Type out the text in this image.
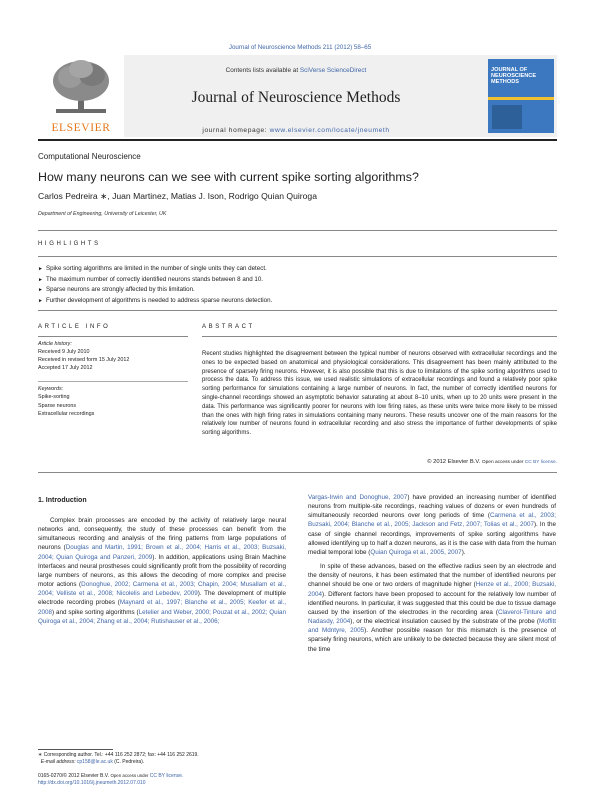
Journal of Neuroscience Methods 211 (2012) 58–65
ELSEVIER
Contents lists available at SciVerse ScienceDirect
Journal of Neuroscience Methods
journal homepage: www.elsevier.com/locate/jneumeth
JOURNAL OF NEUROSCIENCE METHODS
Computational Neuroscience
How many neurons can we see with current spike sorting algorithms?
Carlos Pedreira ∗, Juan Martinez, Matias J. Ison, Rodrigo Quian Quiroga
Department of Engineering, University of Leicester, UK
HIGHLIGHTS
► Spike sorting algorithms are limited in the number of single units they can detect.
► The maximum number of correctly identified neurons stands between 8 and 10.
► Sparse neurons are strongly affected by this limitation.
► Further development of algorithms is needed to address sparse neurons detection.
ARTICLE INFO	ABSTRACT
Article history:
Received 9 July 2010
Received in revised form 15 July 2012
Accepted 17 July 2012
Keywords:
Spike-sorting
Sparse neurons
Extracellular recordings
Recent studies highlighted the disagreement between the typical number of neurons observed with extracellular recordings and the ones to be expected based on anatomical and physiological considerations. This disagreement has been mainly attributed to the presence of sparsely firing neurons. However, it is also possible that this is due to limitations of the spike sorting algorithms used to process the data. To address this issue, we used realistic simulations of extracellular recordings and found a relatively poor spike sorting performance for simulations containing a large number of neurons. In fact, the number of correctly identified neurons for single-channel recordings showed an asymptotic behavior saturating at about 8–10 units, when up to 20 units were present in the data. This performance was significantly poorer for neurons with low firing rates, as these units were twice more likely to be missed than the ones with high firing rates in simulations containing many neurons. These results uncover one of the main reasons for the relatively low number of neurons found in extracellular recording and also stress the importance of further developments of spike sorting algorithms.
© 2012 Elsevier B.V. Open access under CC BY license.
1. Introduction

Complex brain processes are encoded by the activity of relatively large neural networks and, consequently, the study of these processes can benefit from the simultaneous recording and analysis of the firing patterns from large populations of neurons (Douglas and Martin, 1991; Brown et al., 2004; Harris et al., 2003; Buzsaki, 2004; Quian Quiroga and Panzeri, 2009). In addition, applications using Brain Machine Interfaces and neural prostheses could significantly profit from the possibility of recording large numbers of neurons, as this allows the decoding of more complex and precise motor actions (Donoghue, 2002; Carmena et al., 2003; Chapin, 2004; Musallam et al., 2004; Velliste et al., 2008; Nicolelis and Lebedev, 2009). The development of multiple electrode recording probes (Maynard et al., 1997; Blanche et al., 2005; Keefer et al., 2008) and spike sorting algorithms (Letelier and Weber, 2000; Pouzat et al., 2002; Quian Quiroga et al., 2004; Zhang et al., 2004; Rutishauser et al., 2006;

Vargas-Irwin and Donoghue, 2007) have provided an increasing number of identified neurons from multiple-site recordings, reaching values of dozens or even hundreds of simultaneously recorded neurons over long periods of time (Carmena et al., 2003; Buzsaki, 2004; Blanche et al., 2005; Jackson and Fetz, 2007; Tolias et al., 2007). In the case of single channel recordings, improvements of spike sorting algorithms have allowed identifying up to half a dozen neurons, as it is the case with data from the human medial temporal lobe (Quian Quiroga et al., 2005, 2007).

In spite of these advances, based on the effective radius seen by an electrode and the density of neurons, it has been estimated that the number of identified neurons per channel should be one or two orders of magnitude higher (Henze et al., 2000; Buzsaki, 2004). Different factors have been proposed to account for the relatively low number of identified neurons. In particular, it was suggested that this could be due to tissue damage caused by the insertion of the electrodes in the recording area (Claverol-Tinture and Nadasdy, 2004), or the electrical insulation caused by the substrate of the probe (Moffitt and Mdntyre, 2005). Another possible reason for this mismatch is the presence of sparsely firing neurons, which are unlikely to be detected because they are silent most of the time

∗ Corresponding author. Tel.: +44 116 252 2872; fax: +44 116 252 2619.
E-mail address: cp158@le.ac.uk (C. Pedreira).
0165-0270/© 2012 Elsevier B.V. Open access under CC BY license.
http://dx.doi.org/10.1016/j.jneumeth.2012.07.010
